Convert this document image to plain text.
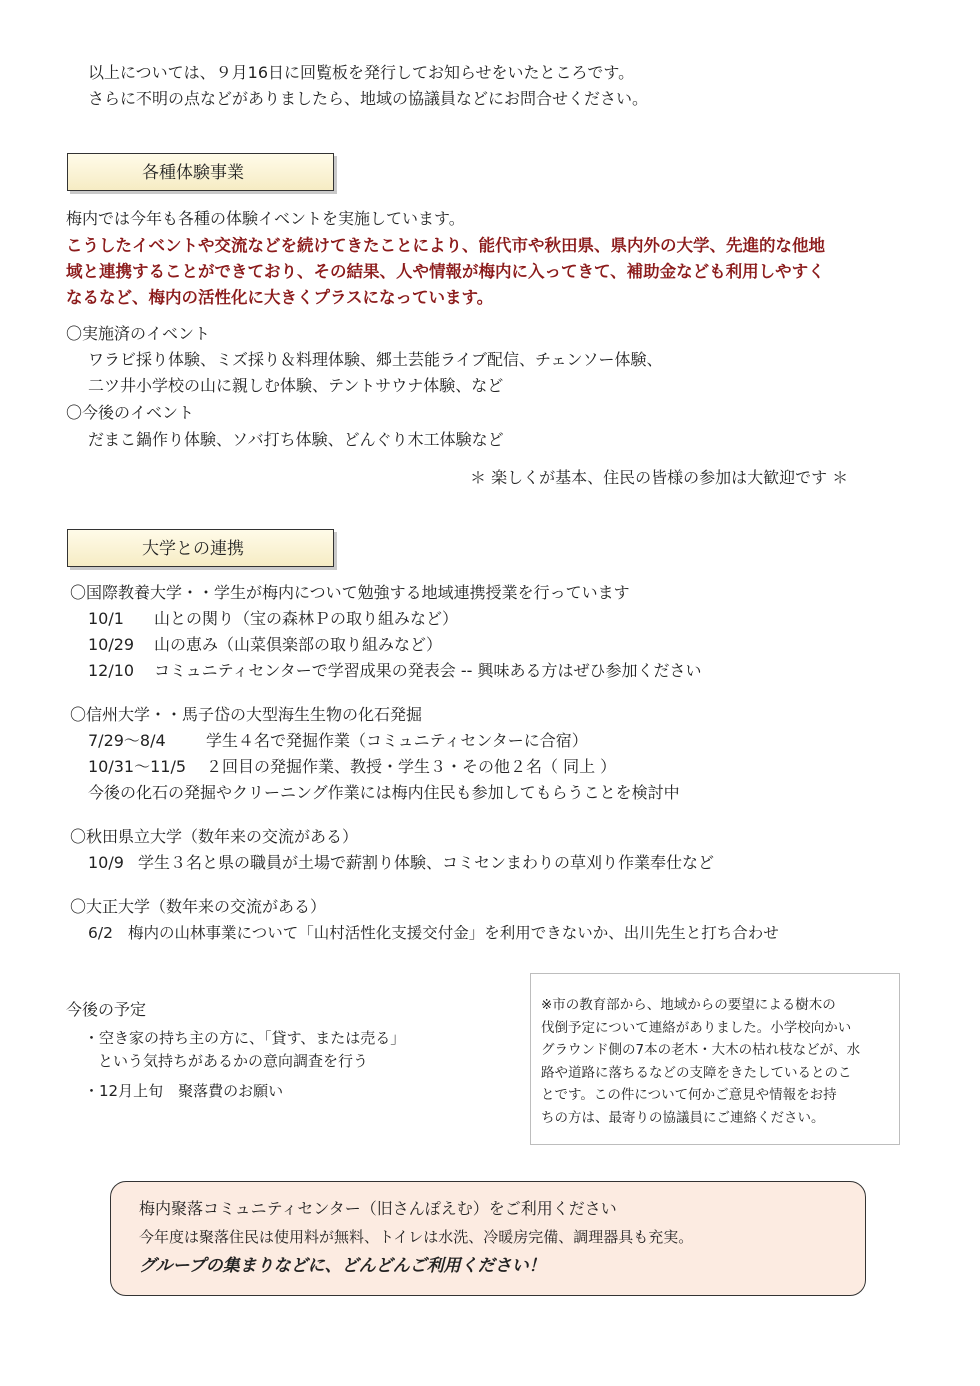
以上については、９月16日に回覧板を発行してお知らせをいたところです。
さらに不明の点などがありましたら、地域の協議員などにお問合せください。
各種体験事業
梅内では今年も各種の体験イベントを実施しています。
こうしたイベントや交流などを続けてきたことにより、能代市や秋田県、県内外の大学、先進的な他地
域と連携することができており、その結果、人や情報が梅内に入ってきて、補助金なども利用しやすく
なるなど、梅内の活性化に大きくプラスになっています。
〇実施済のイベント
ワラビ採り体験、ミズ採り＆料理体験、郷土芸能ライブ配信、チェンソー体験、
二ツ井小学校の山に親しむ体験、テントサウナ体験、など
〇今後のイベント
だまこ鍋作り体験、ソバ打ち体験、どんぐり木工体験など
＊ 楽しくが基本、住民の皆様の参加は大歓迎です ＊
大学との連携
〇国際教養大学・・学生が梅内について勉強する地域連携授業を行っています
10/1 山との関り（宝の森林Ｐの取り組みなど）
10/29 山の恵み（山菜倶楽部の取り組みなど）
12/10 コミュニティセンターで学習成果の発表会 -- 興味ある方はぜひ参加ください
〇信州大学・・馬子岱の大型海生生物の化石発掘
7/29〜8/4	学生４名で発掘作業（コミュニティセンターに合宿）
10/31〜11/5 ２回目の発掘作業、教授・学生３・その他２名（ 同上 ）
今後の化石の発掘やクリーニング作業には梅内住民も参加してもらうことを検討中
〇秋田県立大学（数年来の交流がある）
10/9 学生３名と県の職員が土場で薪割り体験、コミセンまわりの草刈り作業奉仕など
〇大正大学（数年来の交流がある）
6/2 梅内の山林事業について「山村活性化支援交付金」を利用できないか、出川先生と打ち合わせ
今後の予定
・空き家の持ち主の方に、「貸す、または売る」
という気持ちがあるかの意向調査を行う
・12月上旬　聚落費のお願い
※市の教育部から、地域からの要望による樹木の
伐倒予定について連絡がありました。小学校向かい
グラウンド側の7本の老木・大木の枯れ枝などが、水
路や道路に落ちるなどの支障をきたしているとのこ
とです。この件について何かご意見や情報をお持
ちの方は、最寄りの協議員にご連絡ください。
梅内聚落コミュニティセンター（旧さんぽえむ）をご利用ください
今年度は聚落住民は使用料が無料、トイレは水洗、冷暖房完備、調理器具も充実。
グループの集まりなどに、どんどんご利用ください！
